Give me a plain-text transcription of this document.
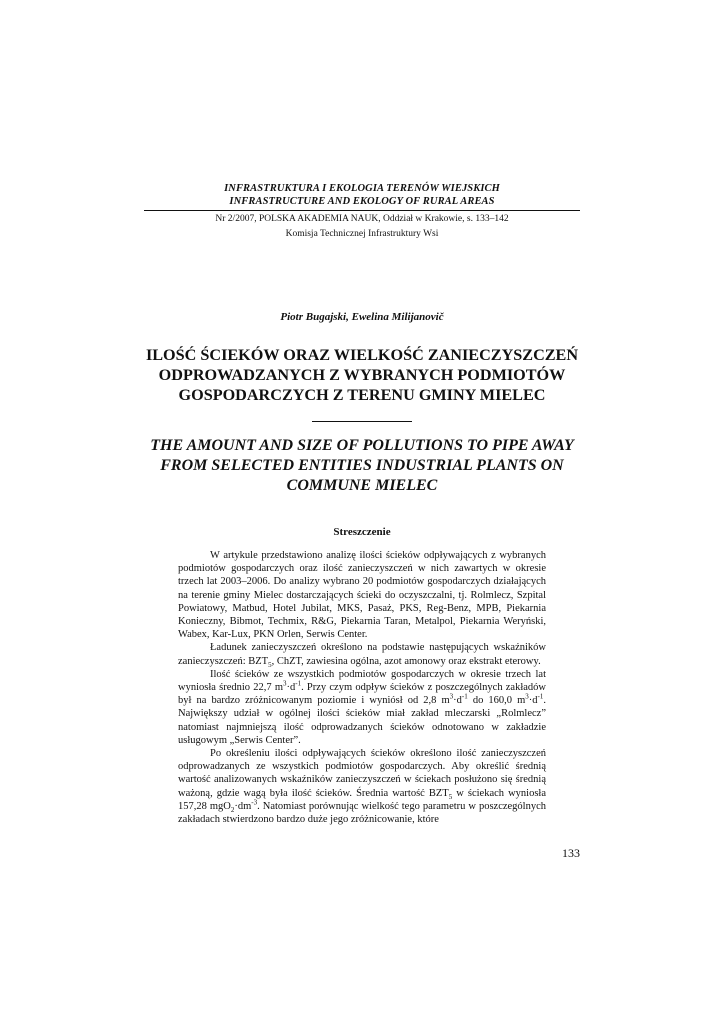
INFRASTRUKTURA I EKOLOGIA TERENÓW WIEJSKICH
INFRASTRUCTURE AND EKOLOGY OF RURAL AREAS
Nr 2/2007, POLSKA AKADEMIA NAUK, Oddział w Krakowie, s. 133–142
Komisja Technicznej Infrastruktury Wsi
Piotr Bugajski, Ewelina Milijanovič
ILOŚĆ ŚCIEKÓW ORAZ WIELKOŚĆ ZANIECZYSZCZEŃ ODPROWADZANYCH Z WYBRANYCH PODMIOTÓW GOSPODARCZYCH Z TERENU GMINY MIELEC
THE AMOUNT AND SIZE OF POLLUTIONS TO PIPE AWAY FROM SELECTED ENTITIES INDUSTRIAL PLANTS ON COMMUNE MIELEC
Streszczenie

W artykule przedstawiono analizę ilości ścieków odpływających z wybranych podmiotów gospodarczych oraz ilość zanieczyszczeń w nich zawartych w okresie trzech lat 2003–2006. Do analizy wybrano 20 podmiotów gospodarczych działających na terenie gminy Mielec dostarczających ścieki do oczyszczalni, tj. Rolmlecz, Szpital Powiatowy, Matbud, Hotel Jubilat, MKS, Pasaż, PKS, Reg-Benz, MPB, Piekarnia Konieczny, Bibmot, Techmix, R&G, Piekarnia Taran, Metalpol, Piekarnia Weryński, Wabex, Kar-Lux, PKN Orlen, Serwis Center.

Ładunek zanieczyszczeń określono na podstawie następujących wskaźników zanieczyszczeń: $BZT_5$, ChZT, zawiesina ogólna, azot amonowy oraz ekstrakt eterowy.

Ilość ścieków ze wszystkich podmiotów gospodarczych w okresie trzech lat wyniosła średnio 22,7 $m^3\cdot d^{-1}$. Przy czym odpływ ścieków z poszczególnych zakładów był na bardzo zróżnicowanym poziomie i wyniósł od 2,8 $m^3\cdot d^{-1}$ do 160,0 $m^3\cdot d^{-1}$. Największy udział w ogólnej ilości ścieków miał zakład mleczarski „Rolmlecz” natomiast najmniejszą ilość odprowadzanych ścieków odnotowano w zakładzie usługowym „Serwis Center”.

Po określeniu ilości odpływających ścieków określono ilość zanieczyszczeń odprowadzanych ze wszystkich podmiotów gospodarczych. Aby określić średnią wartość analizowanych wskaźników zanieczyszczeń w ściekach posłużono się średnią ważoną, gdzie wagą była ilość ścieków. Średnia wartość $BZT_5$ w ściekach wyniosła 157,28 $mgO_2\cdot dm^{-3}$. Natomiast porównując wielkość tego parametru w poszczególnych zakładach stwierdzono bardzo duże jego zróżnicowanie, które

133
